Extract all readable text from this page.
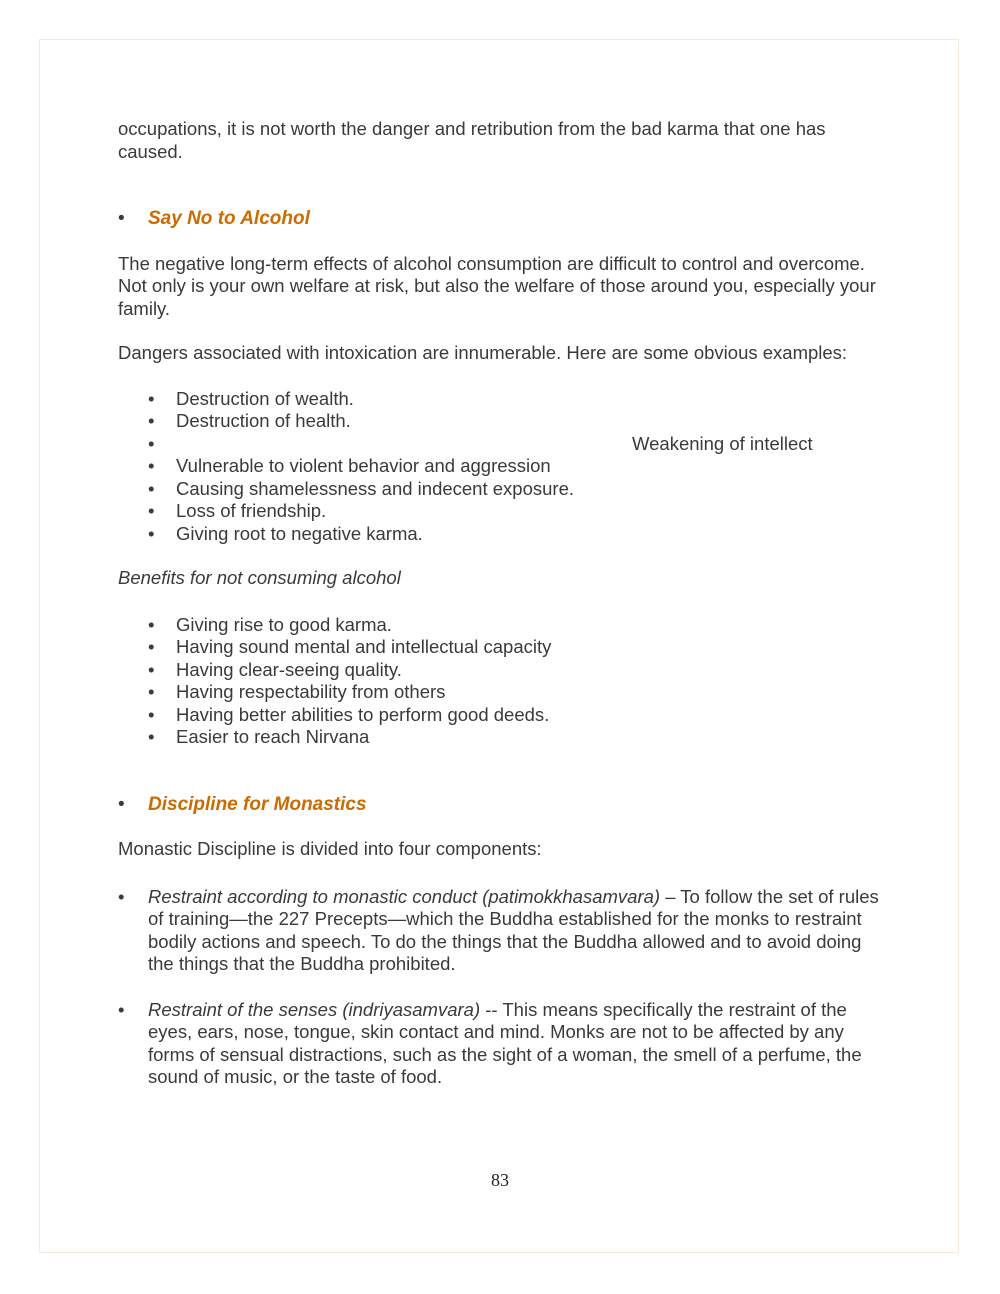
occupations, it is not worth the danger and retribution from the bad karma that one has caused.

• Say No to Alcohol

The negative long-term effects of alcohol consumption are difficult to control and overcome. Not only is your own welfare at risk, but also the welfare of those around you, especially your family.

Dangers associated with intoxication are innumerable. Here are some obvious examples:

• Destruction of wealth.
• Destruction of health.
•	Weakening of intellect

• Vulnerable to violent behavior and aggression
• Causing shamelessness and indecent exposure.
• Loss of friendship.
• Giving root to negative karma.

Benefits for not consuming alcohol

• Giving rise to good karma.
• Having sound mental and intellectual capacity
• Having clear-seeing quality.
• Having respectability from others
• Having better abilities to perform good deeds.
• Easier to reach Nirvana
• Discipline for Monastics

Monastic Discipline is divided into four components:

• Restraint according to monastic conduct (patimokkhasamvara) – To follow the set of rules of training—the 227 Precepts—which the Buddha established for the monks to restraint bodily actions and speech. To do the things that the Buddha allowed and to avoid doing the things that the Buddha prohibited.
• Restraint of the senses (indriyasamvara) -- This means specifically the restraint of the eyes, ears, nose, tongue, skin contact and mind. Monks are not to be affected by any forms of sensual distractions, such as the sight of a woman, the smell of a perfume, the sound of music, or the taste of food.
83
